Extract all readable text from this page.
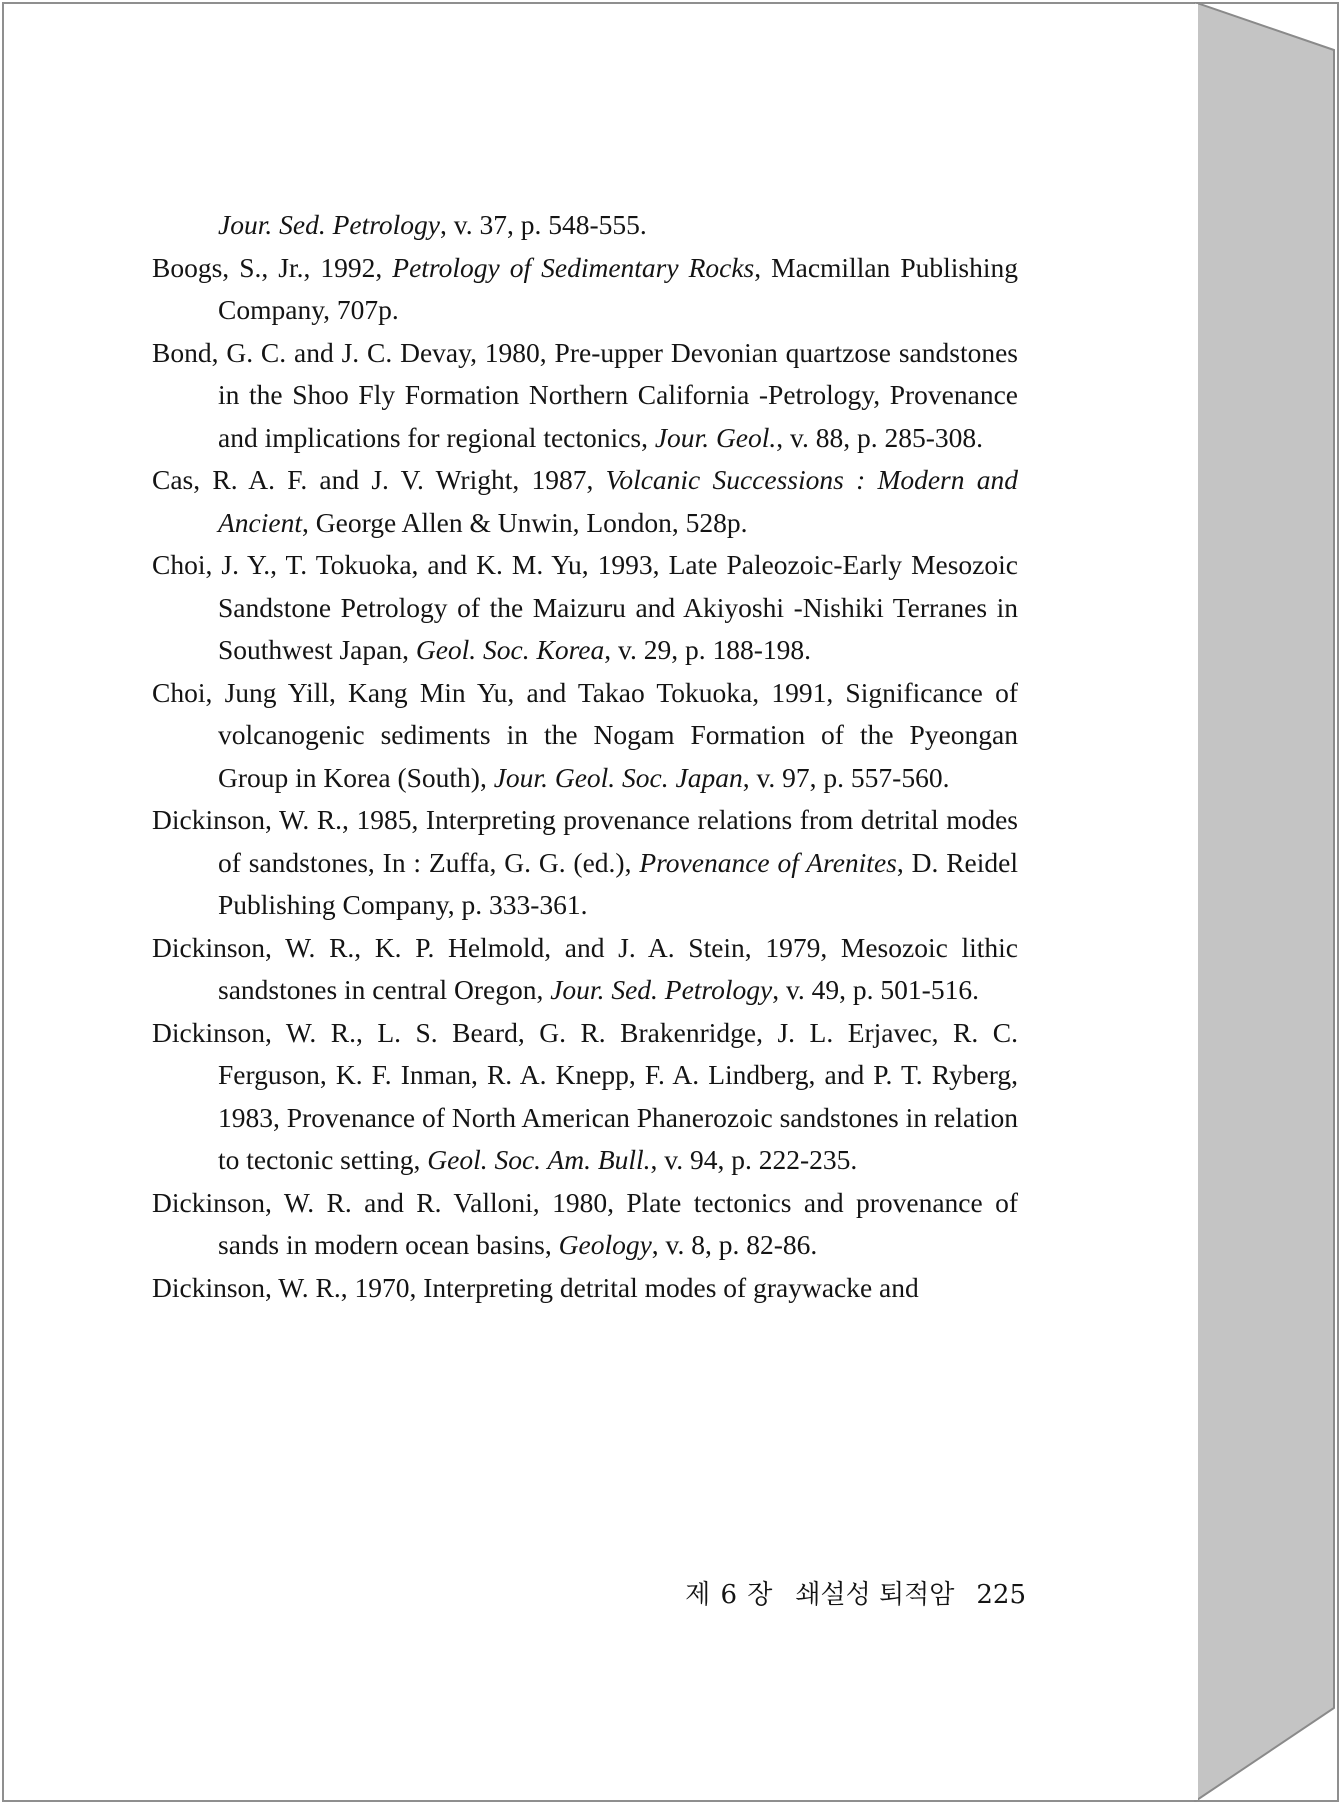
Jour. Sed. Petrology, v. 37, p. 548-555.

Boogs, S., Jr., 1992, Petrology of Sedimentary Rocks, Macmillan Publishing Company, 707p.

Bond, G. C. and J. C. Devay, 1980, Pre-upper Devonian quartzose sandstones in the Shoo Fly Formation Northern California -Petrology, Provenance and implications for regional tectonics, Jour. Geol., v. 88, p. 285-308.

Cas, R. A. F. and J. V. Wright, 1987, Volcanic Successions : Modern and Ancient, George Allen & Unwin, London, 528p.

Choi, J. Y., T. Tokuoka, and K. M. Yu, 1993, Late Paleozoic-Early Mesozoic Sandstone Petrology of the Maizuru and Akiyoshi -Nishiki Terranes in Southwest Japan, Geol. Soc. Korea, v. 29, p. 188-198.

Choi, Jung Yill, Kang Min Yu, and Takao Tokuoka, 1991, Significance of volcanogenic sediments in the Nogam Formation of the Pyeongan Group in Korea (South), Jour. Geol. Soc. Japan, v. 97, p. 557-560.

Dickinson, W. R., 1985, Interpreting provenance relations from detrital modes of sandstones, In : Zuffa, G. G. (ed.), Provenance of Arenites, D. Reidel Publishing Company, p. 333-361.

Dickinson, W. R., K. P. Helmold, and J. A. Stein, 1979, Mesozoic lithic sandstones in central Oregon, Jour. Sed. Petrology, v. 49, p. 501-516.

Dickinson, W. R., L. S. Beard, G. R. Brakenridge, J. L. Erjavec, R. C. Ferguson, K. F. Inman, R. A. Knepp, F. A. Lindberg, and P. T. Ryberg, 1983, Provenance of North American Phanerozoic sandstones in relation to tectonic setting, Geol. Soc. Am. Bull., v. 94, p. 222-235.

Dickinson, W. R. and R. Valloni, 1980, Plate tectonics and provenance of sands in modern ocean basins, Geology, v. 8, p. 82-86.

Dickinson, W. R., 1970, Interpreting detrital modes of graywacke and

제 6 장 쇄설성 퇴적암 225
